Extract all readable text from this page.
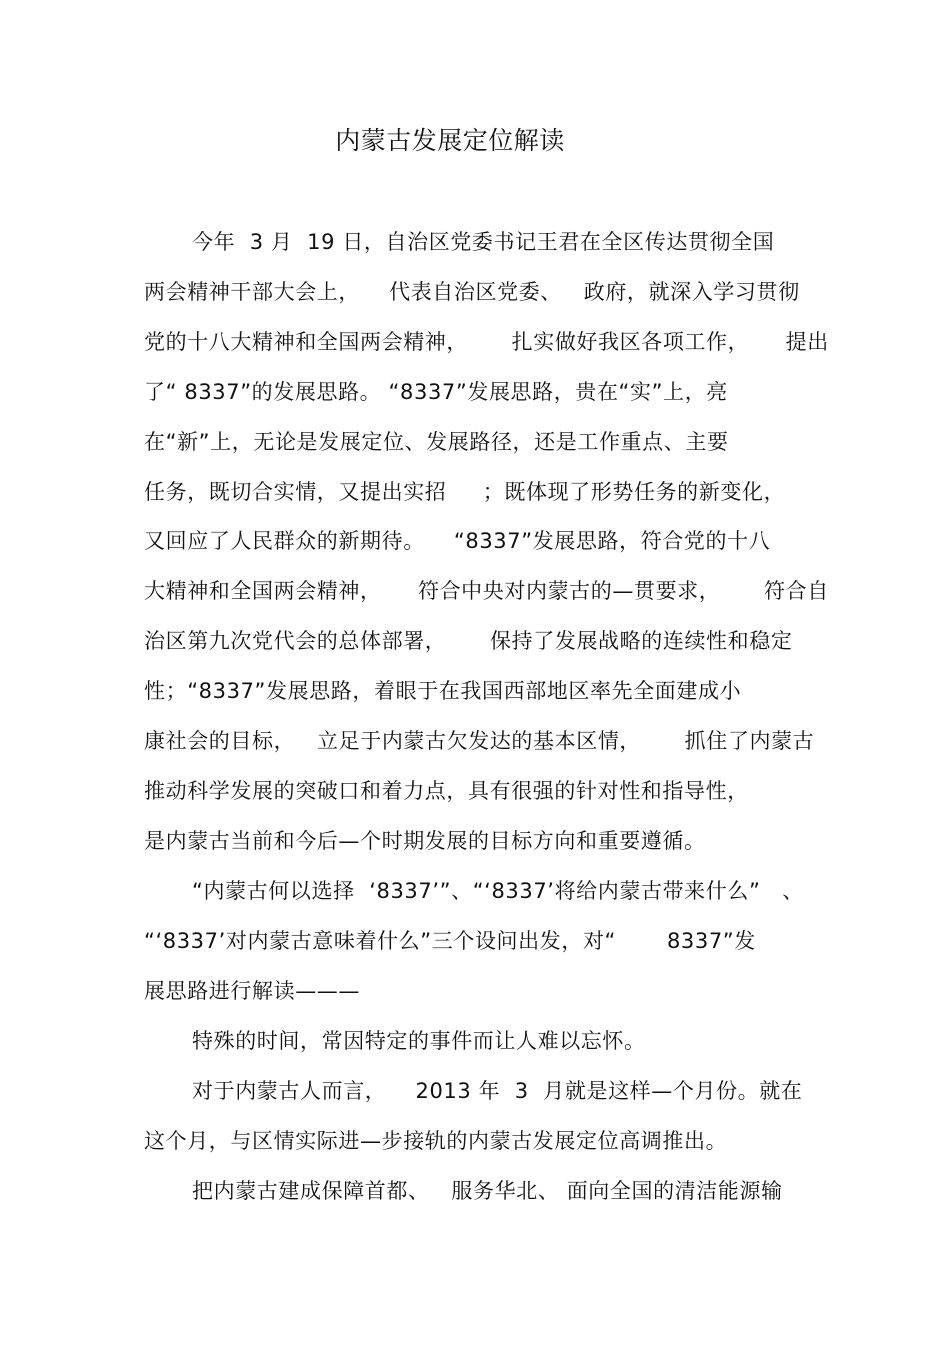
内蒙古发展定位解读
今年  3 月  19 日，自治区党委书记王君在全区传达贯彻全国
两会精神干部大会上，    代表自治区党委、   政府，就深入学习贯彻
党的十八大精神和全国两会精神，      扎实做好我区各项工作，     提出
了“ 8337”的发展思路。 “8337”发展思路，贵在“实”上，亮
在“新”上，无论是发展定位、发展路径，还是工作重点、主要
任务，既切合实情，又提出实招     ；既体现了形势任务的新变化，
又回应了人民群众的新期待。    “8337”发展思路，符合党的十八
大精神和全国两会精神，     符合中央对内蒙古的—贯要求，      符合自
治区第九次党代会的总体部署，      保持了发展战略的连续性和稳定
性；“8337”发展思路，着眼于在我国西部地区率先全面建成小
康社会的目标，   立足于内蒙古欠发达的基本区情，      抓住了内蒙古
推动科学发展的突破口和着力点，具有很强的针对性和指导性，
是内蒙古当前和今后—个时期发展的目标方向和重要遵循。
“内蒙古何以选择  ‘8337’”、“‘8337’将给内蒙古带来什么”   、
“‘8337’对内蒙古意味着什么”三个设问出发，对“       8337”发
展思路进行解读———
特殊的时间，常因特定的事件而让人难以忘怀。
对于内蒙古人而言，    2013 年  3  月就是这样—个月份。就在
这个月，与区情实际进—步接轨的内蒙古发展定位高调推出。
把内蒙古建成保障首都、   服务华北、 面向全国的清洁能源输
